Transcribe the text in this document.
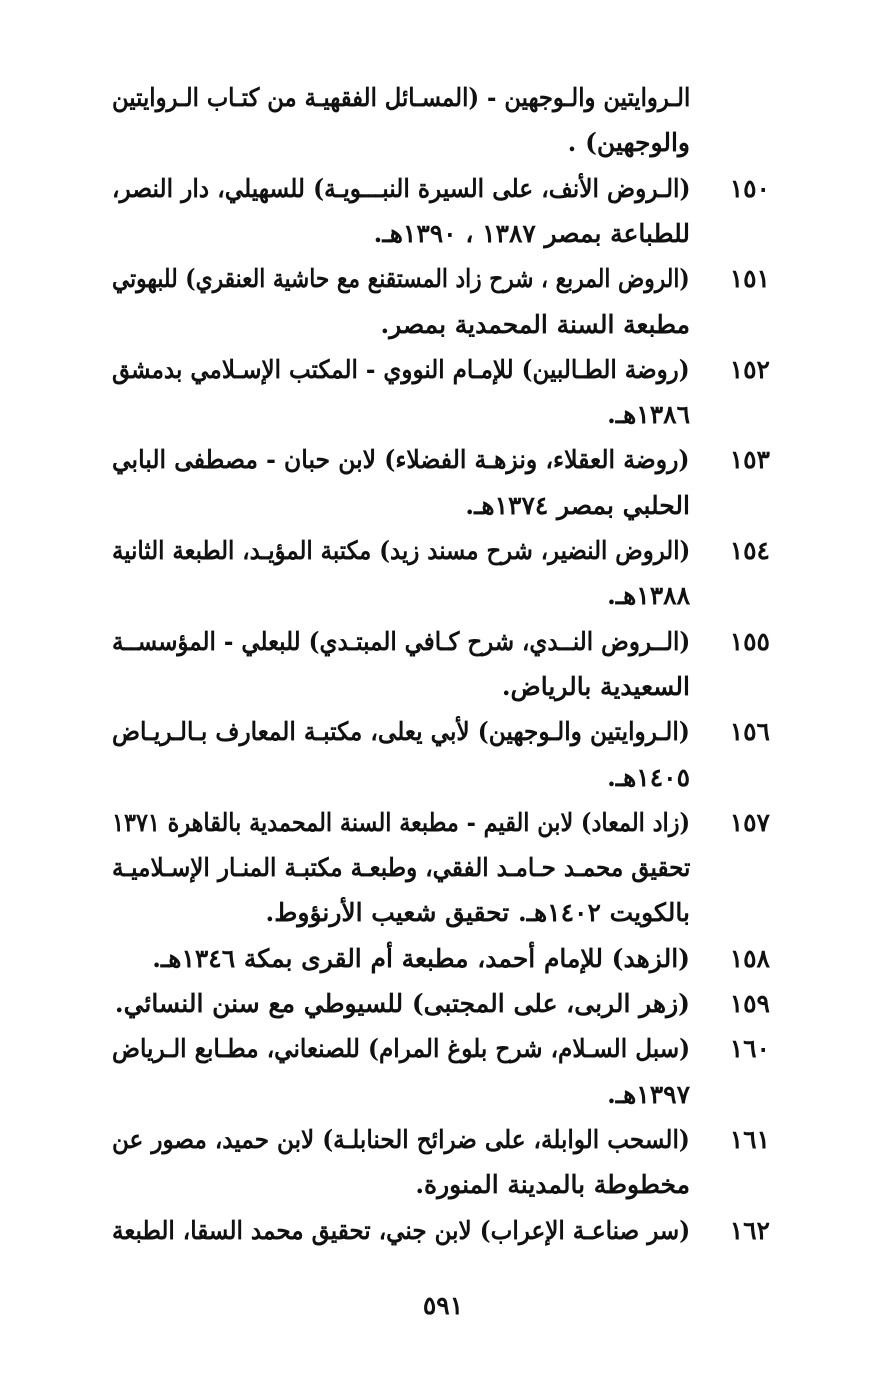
الـروايتين والـوجهين - (المسـائل الفقهيـة من كتـاب الـروايتين
والوجهين) .
(الـروض الأنف، على السيرة النبـــويـة) للسهيلي، دار النصر، ١٥٠
للطباعة بمصر ١٣٨٧ ، ١٣٩٠هـ.
(الروض المربع ، شرح زاد المستقنع مع حاشية العنقري) للبهوتي ١٥١
مطبعة السنة المحمدية بمصر.
(روضة الطـالبين) للإمـام النووي - المكتب الإسـلامي بدمشق ١٥٢
١٣٨٦هـ.
(روضة العقلاء، ونزهـة الفضلاء) لابن حبان - مصطفى البابي ١٥٣
الحلبي بمصر ١٣٧٤هـ.
(الروض النضير، شرح مسند زيد) مكتبة المؤيـد، الطبعة الثانية ١٥٤
١٣٨٨هـ.
(الــروض النــدي، شرح كـافي المبتـدي) للبعلي - المؤسســة ١٥٥
السعيدية بالرياض.
(الـروايتين والـوجهين) لأبي يعلى، مكتبـة المعارف بـالـريـاض ١٥٦
١٤٠٥هـ.
(زاد المعاد) لابن القيم - مطبعة السنة المحمدية بالقاهرة ١٣٧١ ١٥٧
تحقيق محمـد حـامـد الفقي، وطبعـة مكتبـة المنـار الإسـلاميـة
بالكويت ١٤٠٢هـ. تحقيق شعيب الأرنؤوط.
(الزهد) للإمام أحمد، مطبعة أم القرى بمكة ١٣٤٦هـ. ١٥٨
(زهر الربى، على المجتبى) للسيوطي مع سنن النسائي. ١٥٩
(سبل السـلام، شرح بلوغ المرام) للصنعاني، مطـابع الـرياض ١٦٠
١٣٩٧هـ.
(السحب الوابلة، على ضرائح الحنابلـة) لابن حميد، مصور عن ١٦١
مخطوطة بالمدينة المنورة.
(سر صناعـة الإعراب) لابن جني، تحقيق محمد السقا، الطبعة ١٦٢
٥٩١
